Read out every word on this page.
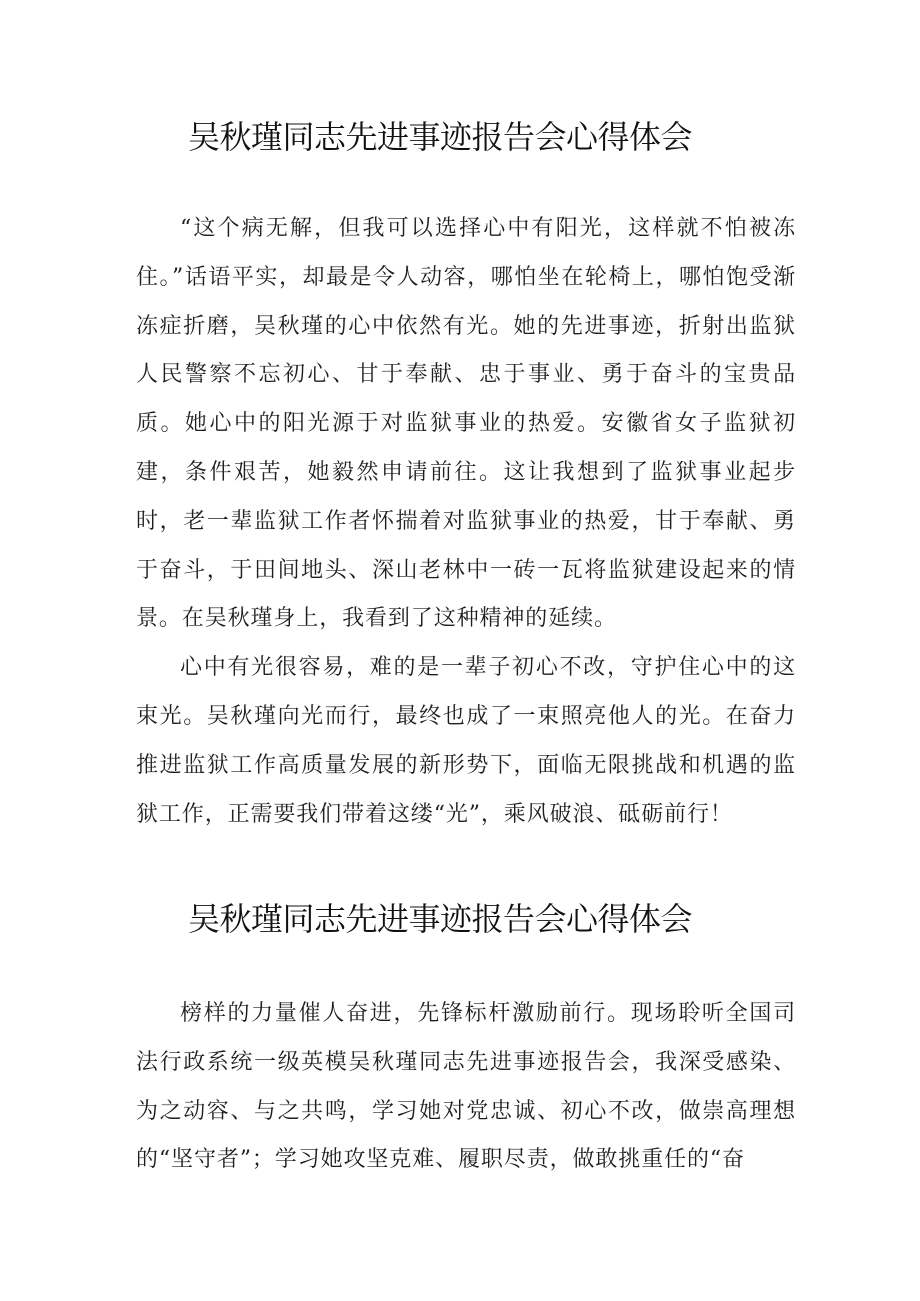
吴秋瑾同志先进事迹报告会心得体会

“这个病无解，但我可以选择心中有阳光，这样就不怕被冻住。”话语平实，却最是令人动容，哪怕坐在轮椅上，哪怕饱受渐冻症折磨，吴秋瑾的心中依然有光。她的先进事迹，折射出监狱人民警察不忘初心、甘于奉献、忠于事业、勇于奋斗的宝贵品质。她心中的阳光源于对监狱事业的热爱。安徽省女子监狱初建，条件艰苦，她毅然申请前往。这让我想到了监狱事业起步时，老一辈监狱工作者怀揣着对监狱事业的热爱，甘于奉献、勇于奋斗，于田间地头、深山老林中一砖一瓦将监狱建设起来的情景。在吴秋瑾身上，我看到了这种精神的延续。

心中有光很容易，难的是一辈子初心不改，守护住心中的这束光。吴秋瑾向光而行，最终也成了一束照亮他人的光。在奋力推进监狱工作高质量发展的新形势下，面临无限挑战和机遇的监狱工作，正需要我们带着这缕“光”，乘风破浪、砥砺前行！

吴秋瑾同志先进事迹报告会心得体会

榜样的力量催人奋进，先锋标杆激励前行。现场聆听全国司法行政系统一级英模吴秋瑾同志先进事迹报告会，我深受感染、为之动容、与之共鸣，学习她对党忠诚、初心不改，做崇高理想的“坚守者”；学习她攻坚克难、履职尽责，做敢挑重任的“奋
